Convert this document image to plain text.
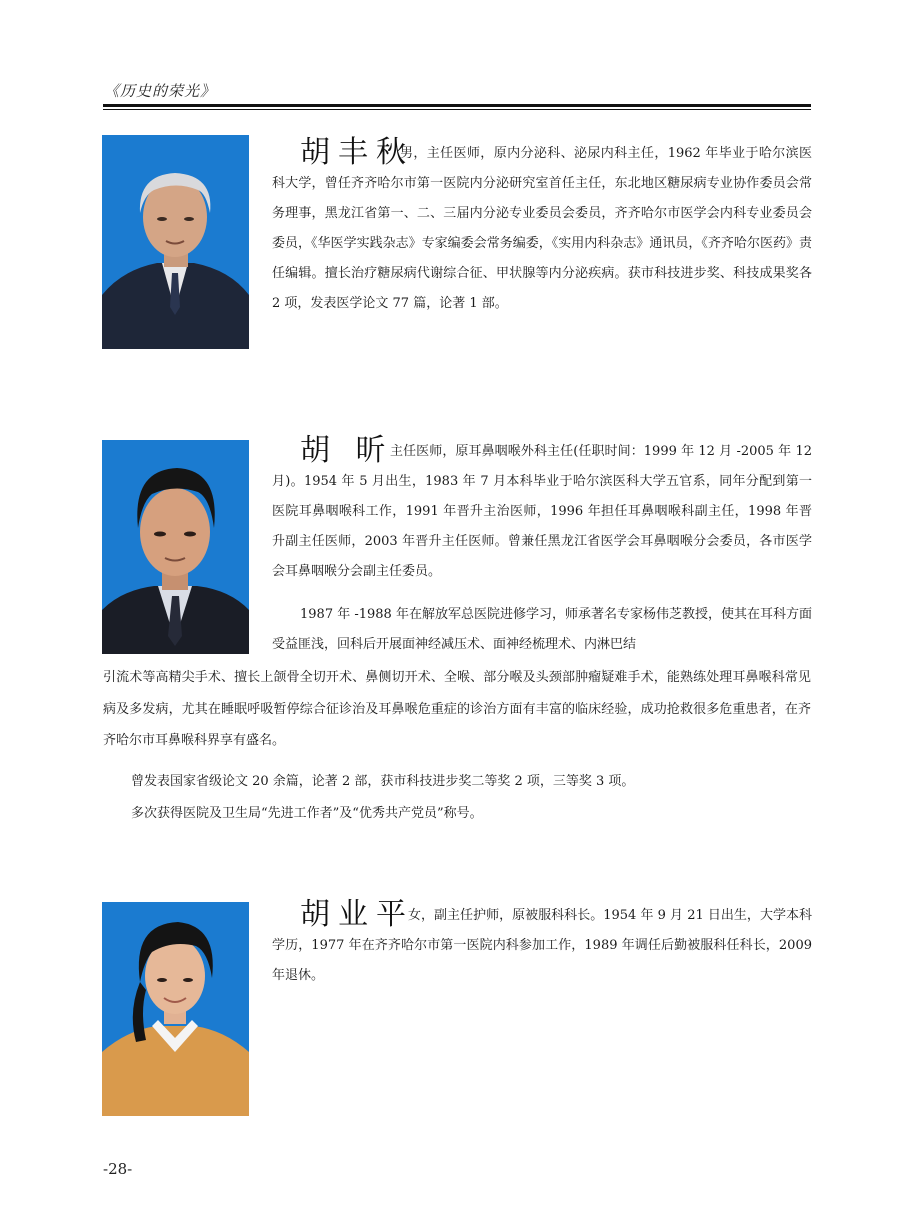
《历史的荣光》
胡丰秋

男，主任医师，原内分泌科、泌尿内科主任，1962 年毕业于哈尔滨医科大学，曾任齐齐哈尔市第一医院内分泌研究室首任主任，东北地区糖尿病专业协作委员会常务理事，黑龙江省第一、二、三届内分泌专业委员会委员，齐齐哈尔市医学会内科专业委员会委员，《华医学实践杂志》专家编委会常务编委，《实用内科杂志》通讯员，《齐齐哈尔医药》责任编辑。擅长治疗糖尿病代谢综合征、甲状腺等内分泌疾病。获市科技进步奖、科技成果奖各 2 项，发表医学论文 77 篇，论著 1 部。

胡 昕

主任医师，原耳鼻咽喉外科主任(任职时间：1999 年 12 月 -2005 年 12 月)。1954 年 5 月出生，1983 年 7 月本科毕业于哈尔滨医科大学五官系，同年分配到第一医院耳鼻咽喉科工作，1991 年晋升主治医师，1996 年担任耳鼻咽喉科副主任，1998 年晋升副主任医师，2003 年晋升主任医师。曾兼任黑龙江省医学会耳鼻咽喉分会委员，各市医学会耳鼻咽喉分会副主任委员。

1987 年 -1988 年在解放军总医院进修学习，师承著名专家杨伟芝教授，使其在耳科方面受益匪浅，回科后开展面神经减压术、面神经梳理术、内淋巴结

引流术等高精尖手术、擅长上颌骨全切开术、鼻侧切开术、全喉、部分喉及头颈部肿瘤疑难手术，能熟练处理耳鼻喉科常见病及多发病，尤其在睡眠呼吸暂停综合征诊治及耳鼻喉危重症的诊治方面有丰富的临床经验，成功抢救很多危重患者，在齐齐哈尔市耳鼻喉科界享有盛名。

曾发表国家省级论文 20 余篇，论著 2 部，获市科技进步奖二等奖 2 项，三等奖 3 项。

多次获得医院及卫生局“先进工作者”及“优秀共产党员”称号。

胡业平

女，副主任护师，原被服科科长。1954 年 9 月 21 日出生，大学本科学历，1977 年在齐齐哈尔市第一医院内科参加工作，1989 年调任后勤被服科任科长，2009 年退休。

-28-
